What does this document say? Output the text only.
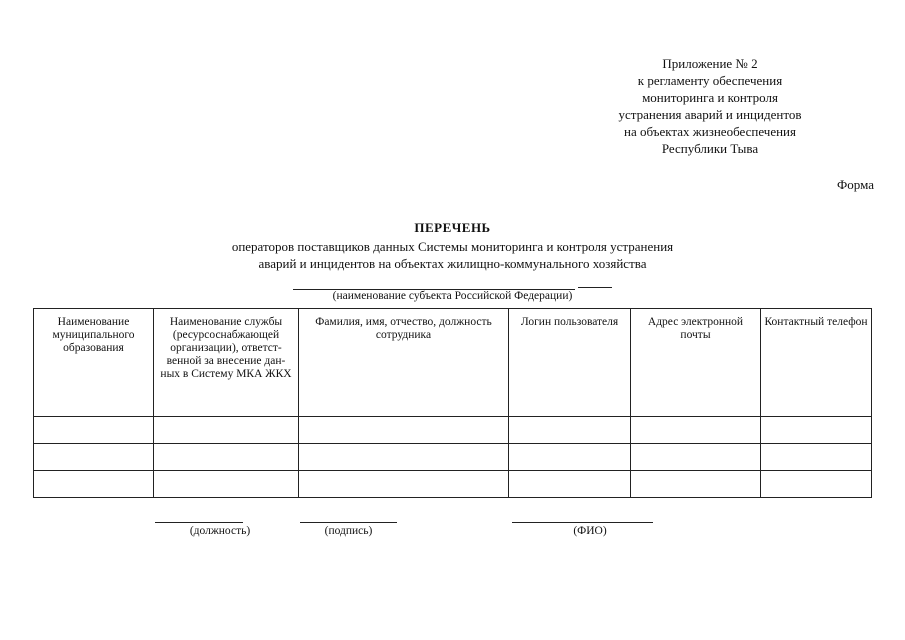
Приложение № 2
к регламенту обеспечения
мониторинга и контроля
устранения аварий и инцидентов
на объектах жизнеобеспечения
Республики Тыва
Форма
ПЕРЕЧЕНЬ
операторов поставщиков данных Системы мониторинга и контроля устранения
аварий и инцидентов на объектах жилищно-коммунального хозяйства
(наименование субъекта Российской Федерации)
Наименование муниципального образования	Наименование службы (ресурсоснабжающей организации), ответст-венной за внесение дан-ных в Систему МКА ЖКХ	Фамилия, имя, отчество, должность сотрудника	Логин пользователя	Адрес электронной почты	Контактный телефон

(должность)	(подпись)	(ФИО)
